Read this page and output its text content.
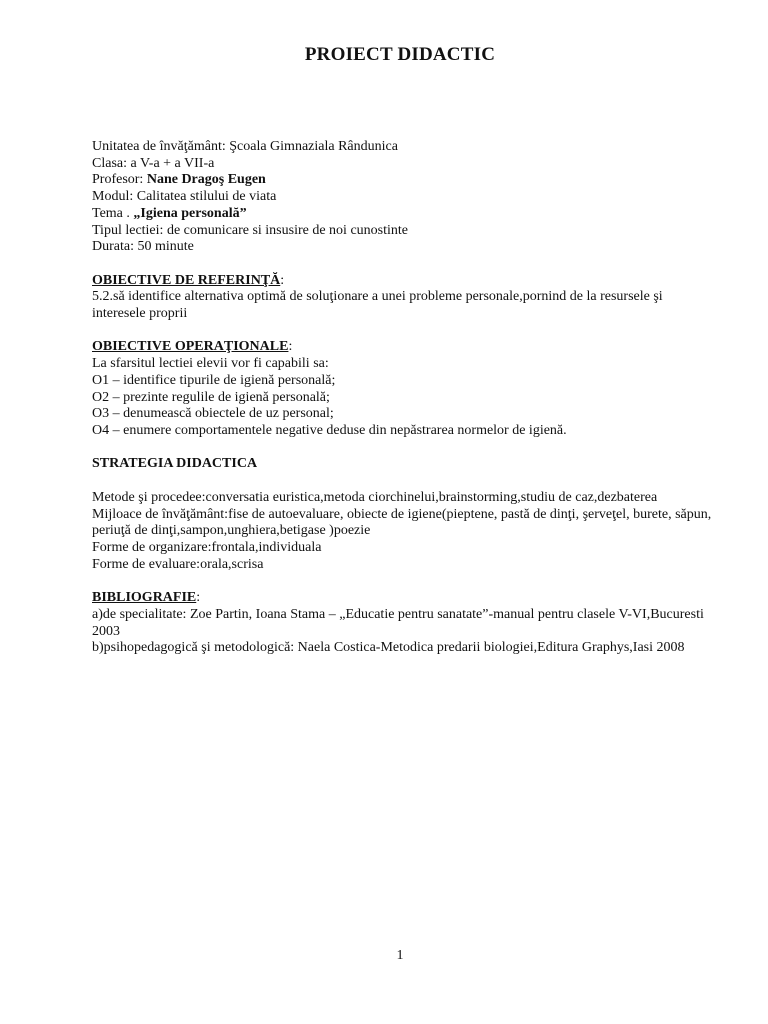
PROIECT DIDACTIC
Unitatea de învăţământ: Şcoala Gimnaziala Rândunica
Clasa: a V-a + a VII-a
Profesor: Nane Dragoş Eugen
Modul: Calitatea stilului de viata
Tema . „Igiena personală”
Tipul lectiei: de comunicare si insusire de noi cunostinte
Durata: 50 minute
OBIECTIVE DE REFERINŢĂ:
5.2.să identifice alternativa optimă de soluţionare a unei probleme personale,pornind de la resursele şi interesele proprii
OBIECTIVE OPERAŢIONALE:
La sfarsitul lectiei elevii vor fi capabili sa:
O1 – identifice tipurile de igienă personală;
O2 – prezinte regulile de igienă personală;
O3 – denumească obiectele de uz personal;
O4 – enumere comportamentele negative deduse din nepăstrarea normelor de igienă.
STRATEGIA DIDACTICA
Metode şi procedee:conversatia euristica,metoda ciorchinelui,brainstorming,studiu de caz,dezbaterea
Mijloace de învăţământ:fise de autoevaluare, obiecte de igiene(pieptene, pastă de dinţi, şerveţel, burete, săpun, periuţă de dinţi,sampon,unghiera,betigase )poezie
Forme de organizare:frontala,individuala
Forme de evaluare:orala,scrisa
BIBLIOGRAFIE:
a)de specialitate: Zoe Partin, Ioana Stama – „Educatie pentru sanatate”-manual pentru clasele V-VI,Bucuresti 2003
b)psihopedagogică şi metodologică: Naela Costica-Metodica predarii biologiei,Editura Graphys,Iasi 2008
1
